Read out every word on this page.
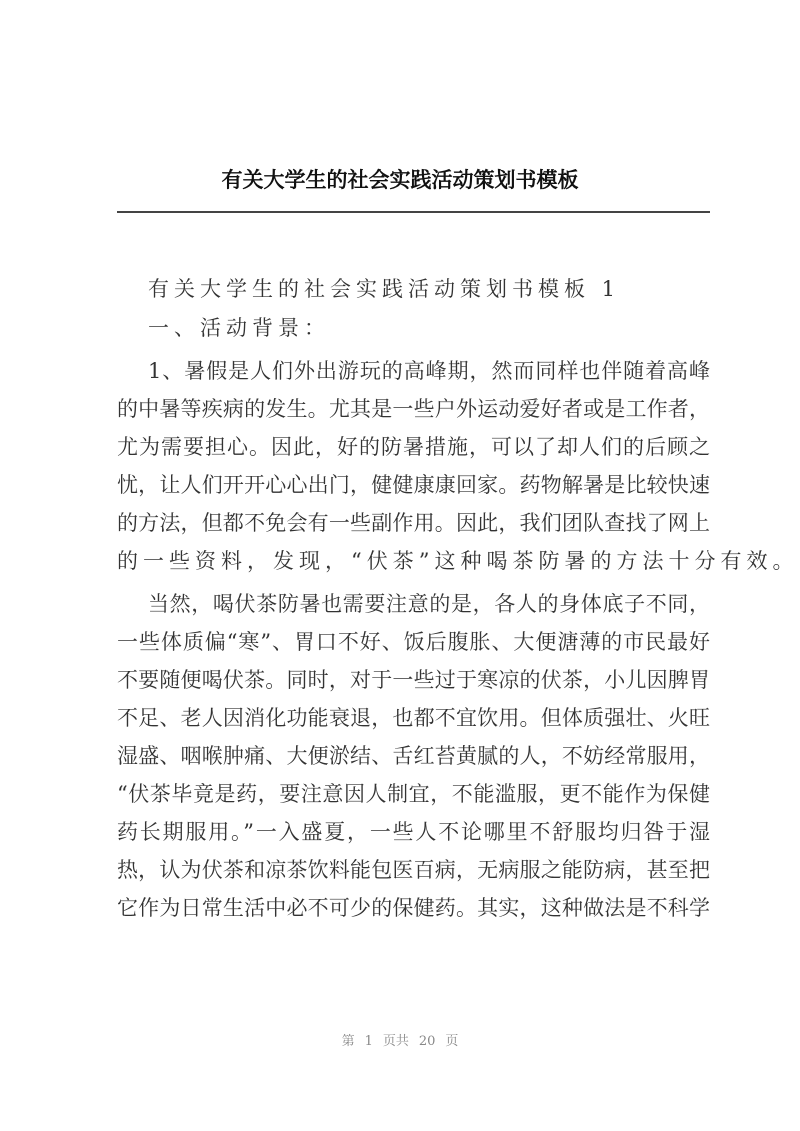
有关大学生的社会实践活动策划书模板
有关大学生的社会实践活动策划书模板 1
一、活动背景：
1、暑假是人们外出游玩的高峰期，然而同样也伴随着高峰
的中暑等疾病的发生。尤其是一些户外运动爱好者或是工作者，
尤为需要担心。因此，好的防暑措施，可以了却人们的后顾之
忧，让人们开开心心出门，健健康康回家。药物解暑是比较快速
的方法，但都不免会有一些副作用。因此，我们团队查找了网上
的一些资料，发现，“伏茶”这种喝茶防暑的方法十分有效。
当然，喝伏茶防暑也需要注意的是，各人的身体底子不同，
一些体质偏“寒”、胃口不好、饭后腹胀、大便溏薄的市民最好
不要随便喝伏茶。同时，对于一些过于寒凉的伏茶，小儿因脾胃
不足、老人因消化功能衰退，也都不宜饮用。但体质强壮、火旺
湿盛、咽喉肿痛、大便淤结、舌红苔黄腻的人，不妨经常服用，
“伏茶毕竟是药，要注意因人制宜，不能滥服，更不能作为保健
药长期服用。”一入盛夏，一些人不论哪里不舒服均归咎于湿
热，认为伏茶和凉茶饮料能包医百病，无病服之能防病，甚至把
它作为日常生活中必不可少的保健药。其实，这种做法是不科学
第 1 页共 20 页
